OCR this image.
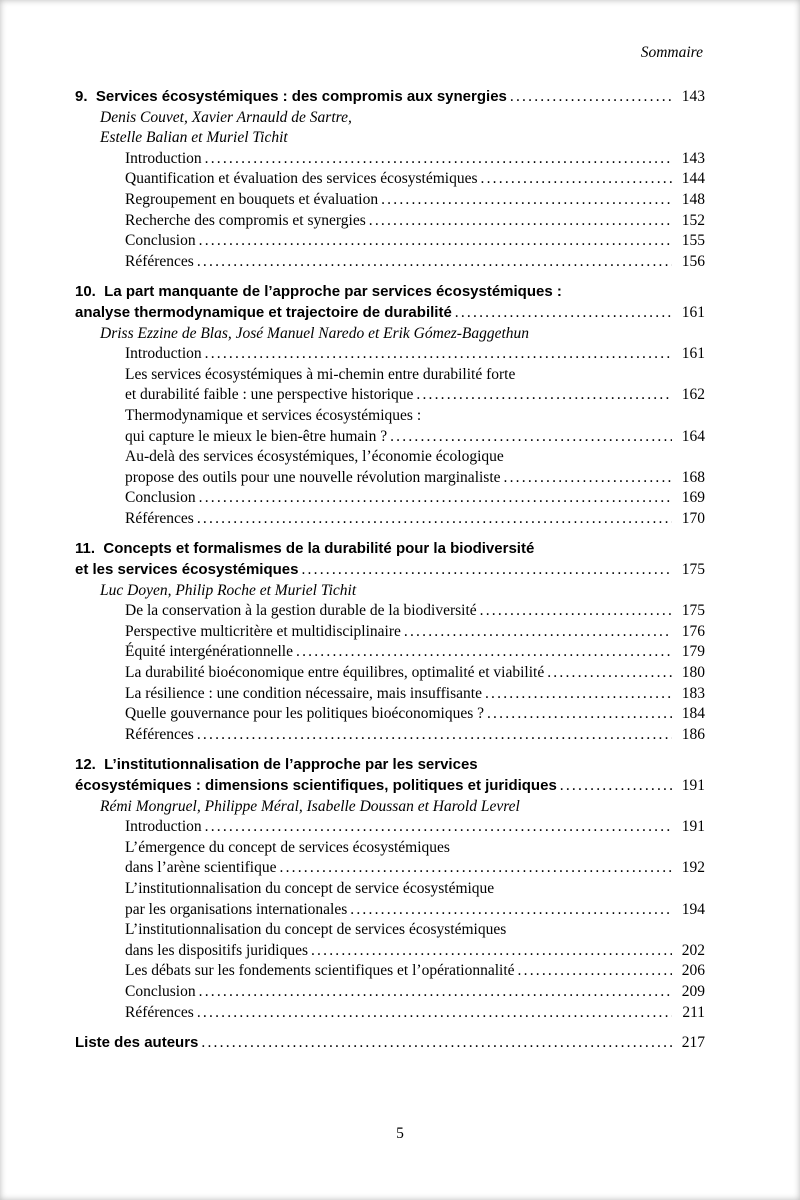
Sommaire
9.  Services écosystémiques : des compromis aux synergies .....	143
Denis Couvet, Xavier Arnauld de Sartre,
Estelle Balian et Muriel Tichit
Introduction .....	143
Quantification et évaluation des services écosystémiques .....	144
Regroupement en bouquets et évaluation .....	148
Recherche des compromis et synergies .....	152
Conclusion .....	155
Références .....	156
10.  La part manquante de l’approche par services écosystémiques :
analyse thermodynamique et trajectoire de durabilité .....	161
Driss Ezzine de Blas, José Manuel Naredo et Erik Gómez-Baggethun
Introduction .....	161
Les services écosystémiques à mi-chemin entre durabilité forte
et durabilité faible : une perspective historique .....	162
Thermodynamique et services écosystémiques :
qui capture le mieux le bien-être humain ? .....	164
Au-delà des services écosystémiques, l’économie écologique
propose des outils pour une nouvelle révolution marginaliste .....	168
Conclusion .....	169
Références .....	170
11.  Concepts et formalismes de la durabilité pour la biodiversité
et les services écosystémiques .....	175
Luc Doyen, Philip Roche et Muriel Tichit
De la conservation à la gestion durable de la biodiversité .....	175
Perspective multicritère et multidisciplinaire .....	176
Équité intergénérationnelle .....	179
La durabilité bioéconomique entre équilibres, optimalité et viabilité .....	180
La résilience : une condition nécessaire, mais insuffisante .....	183
Quelle gouvernance pour les politiques bioéconomiques ? .....	184
Références .....	186
12.  L’institutionnalisation de l’approche par les services
écosystémiques : dimensions scientifiques, politiques et juridiques .....	191
Rémi Mongruel, Philippe Méral, Isabelle Doussan et Harold Levrel
Introduction .....	191
L’émergence du concept de services écosystémiques
dans l’arène scientifique .....	192
L’institutionnalisation du concept de service écosystémique
par les organisations internationales .....	194
L’institutionnalisation du concept de services écosystémiques
dans les dispositifs juridiques .....	202
Les débats sur les fondements scientifiques et l’opérationnalité .....	206
Conclusion .....	209
Références .....	211
Liste des auteurs .....	217
5
